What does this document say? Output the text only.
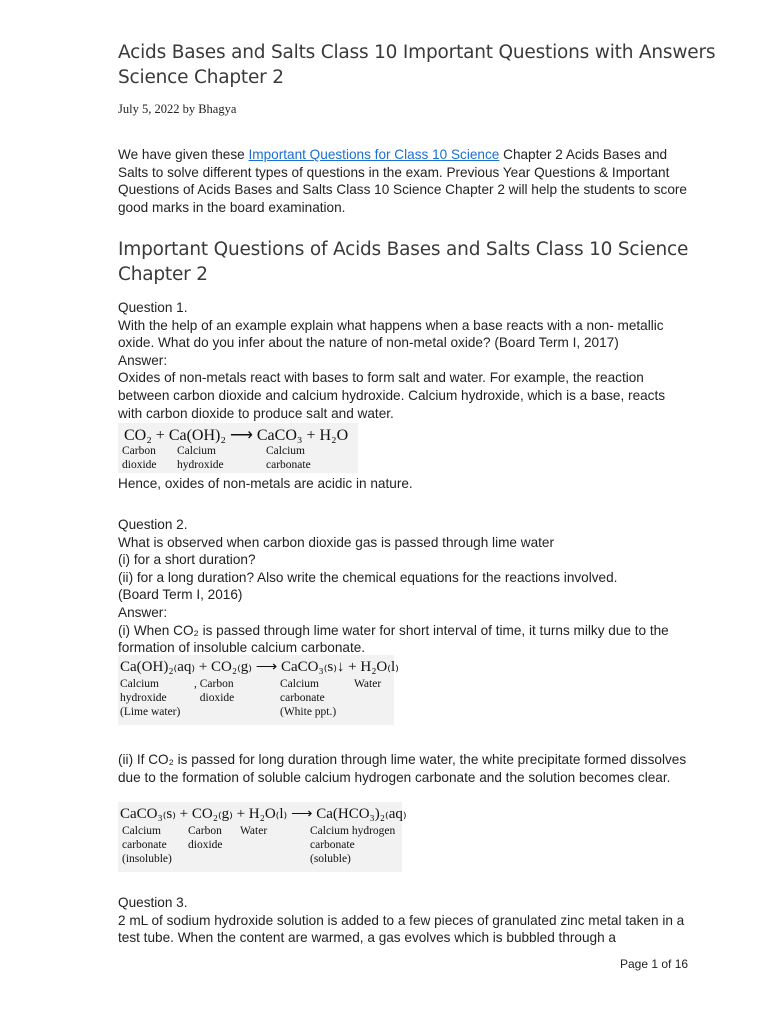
Acids Bases and Salts Class 10 Important Questions with Answers Science Chapter 2
July 5, 2022 by Bhagya

We have given these Important Questions for Class 10 Science Chapter 2 Acids Bases and Salts to solve different types of questions in the exam. Previous Year Questions & Important Questions of Acids Bases and Salts Class 10 Science Chapter 2 will help the students to score good marks in the board examination.

Important Questions of Acids Bases and Salts Class 10 Science Chapter 2

Question 1.
With the help of an example explain what happens when a base reacts with a non- metallic oxide. What do you infer about the nature of non-metal oxide? (Board Term I, 2017)
Answer:
Oxides of non-metals react with bases to form salt and water. For example, the reaction between carbon dioxide and calcium hydroxide. Calcium hydroxide, which is a base, reacts with carbon dioxide to produce salt and water.

CO₂ + Ca(OH)₂ ⟶ CaCO₃ + H₂O
Carbon
dioxide
Calcium
hydroxide
Calcium
carbonate

Hence, oxides of non-metals are acidic in nature.

Question 2.
What is observed when carbon dioxide gas is passed through lime water
(i) for a short duration?
(ii) for a long duration? Also write the chemical equations for the reactions involved.
(Board Term I, 2016)
Answer:
(i) When CO₂ is passed through lime water for short interval of time, it turns milky due to the formation of insoluble calcium carbonate.

Ca(OH)₂₍aq₎ + CO₂₍g₎ ⟶ CaCO₃₍s₎↓ + H₂O₍l₎
Calcium
hydroxide
(Lime water)
, Carbon
dioxide
Calcium
carbonate
(White ppt.)
Water

(ii) If CO₂ is passed for long duration through lime water, the white precipitate formed dissolves due to the formation of soluble calcium hydrogen carbonate and the solution becomes clear.

CaCO₃₍s₎ + CO₂₍g₎ + H₂O₍l₎ ⟶ Ca(HCO₃)₂₍aq₎
Calcium
carbonate
(insoluble)
Carbon
dioxide
Water	Calcium hydrogen
carbonate
(soluble)

Question 3.
2 mL of sodium hydroxide solution is added to a few pieces of granulated zinc metal taken in a test tube. When the content are warmed, a gas evolves which is bubbled through a

Page 1 of 16
